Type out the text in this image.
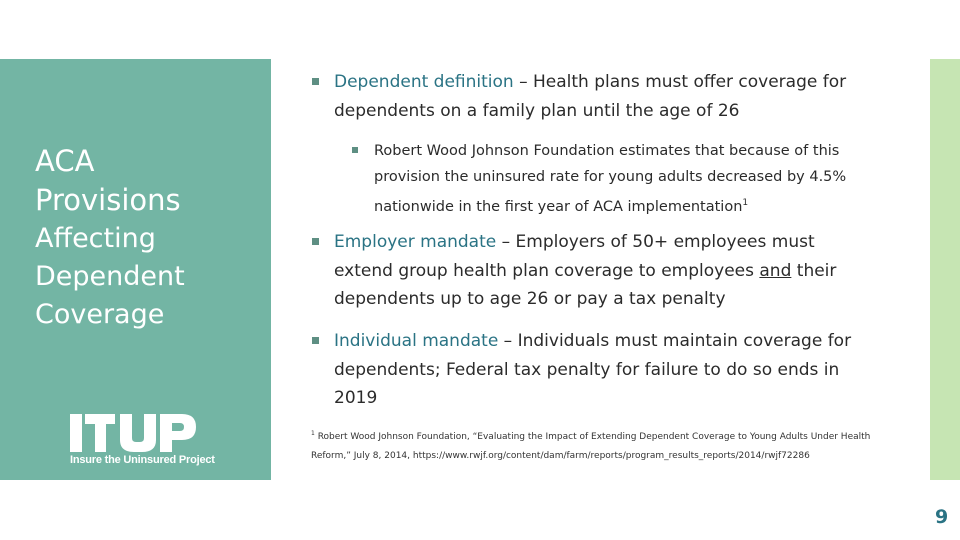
ACA
Provisions
Affecting
Dependent
Coverage
Insure the Uninsured Project
Dependent definition – Health plans must offer coverage for dependents on a family plan until the age of 26
Robert Wood Johnson Foundation estimates that because of this provision the uninsured rate for young adults decreased by 4.5% nationwide in the first year of ACA implementation$^1$
Employer mandate – Employers of 50+ employees must extend group health plan coverage to employees and their dependents up to age 26 or pay a tax penalty
Individual mandate – Individuals must maintain coverage for dependents; Federal tax penalty for failure to do so ends in 2019
$^1$ Robert Wood Johnson Foundation, “Evaluating the Impact of Extending Dependent Coverage to Young Adults Under Health Reform,” July 8, 2014, https://www.rwjf.org/content/dam/farm/reports/program_results_reports/2014/rwjf72286
9
